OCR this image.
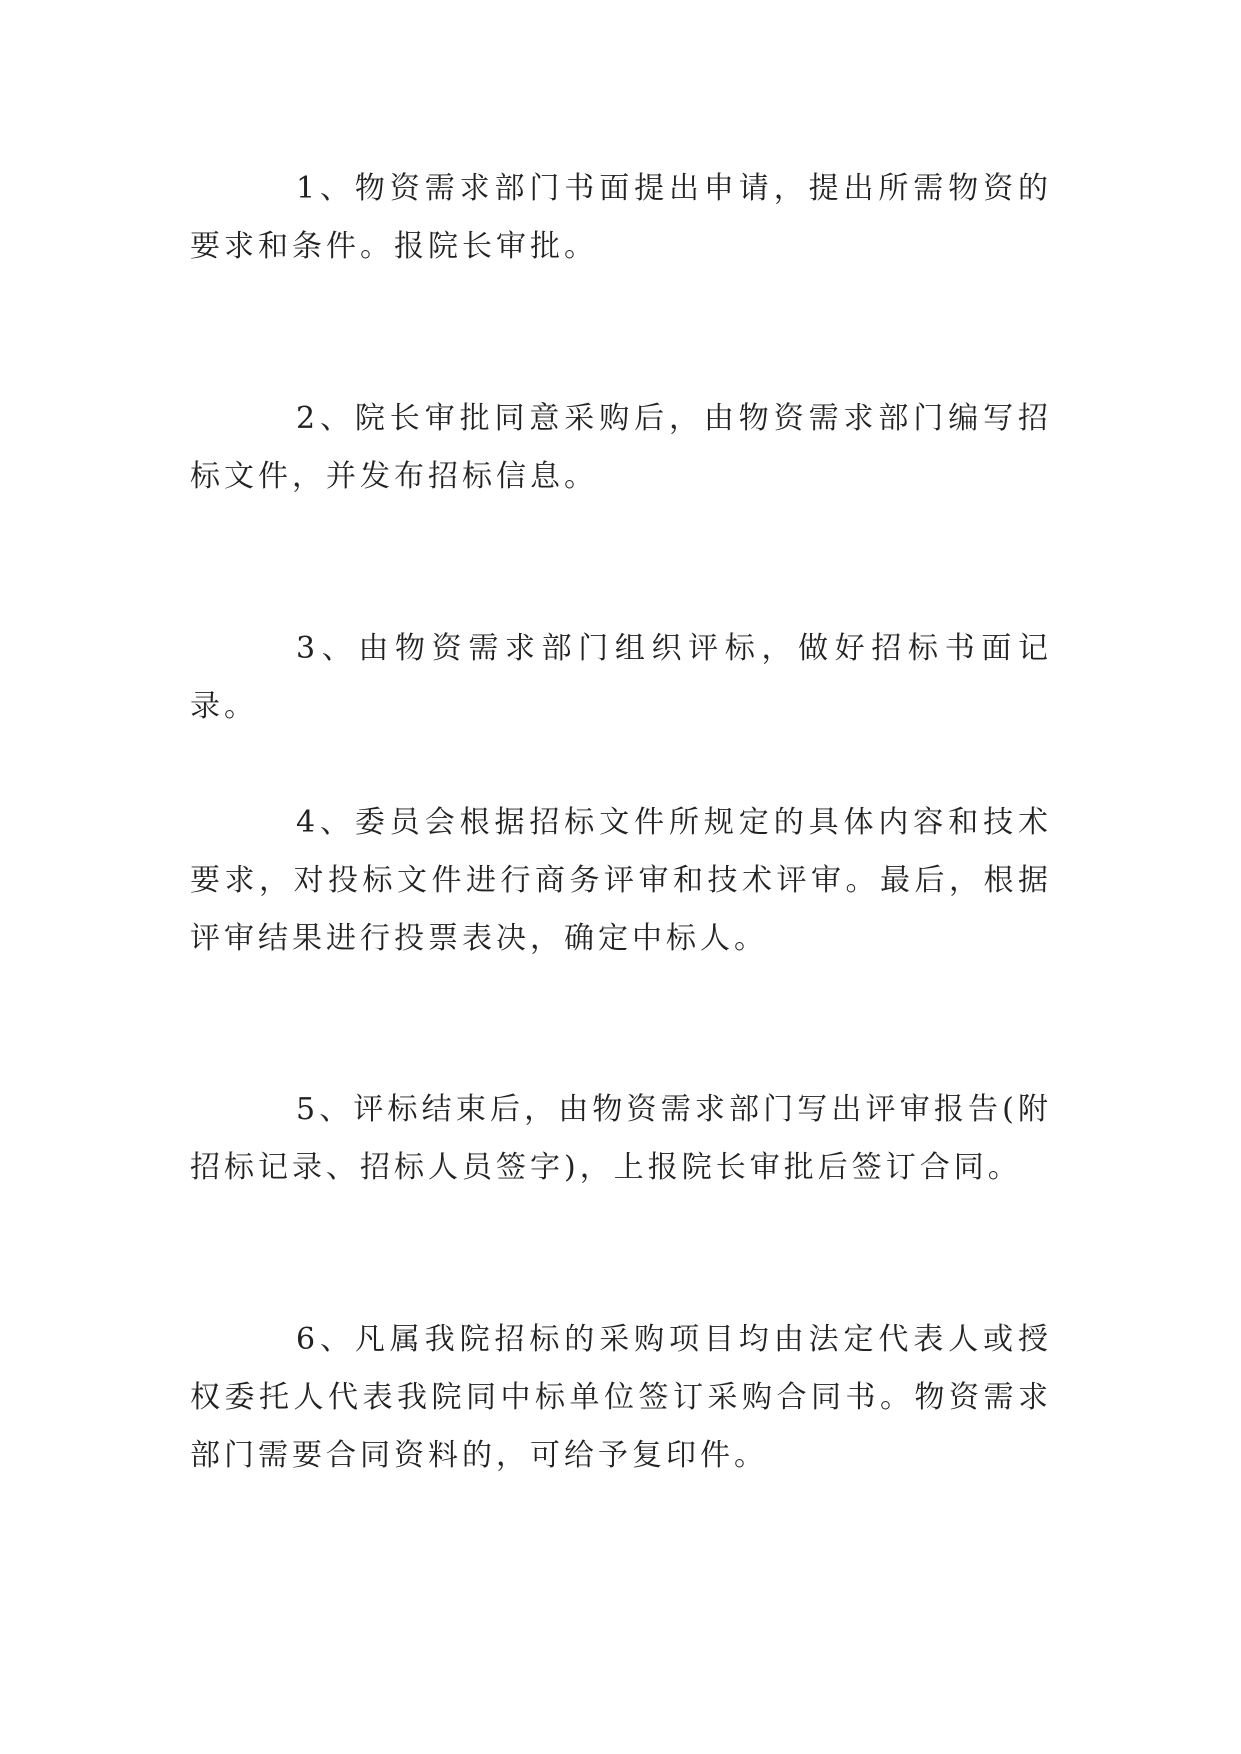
1、物资需求部门书面提出申请，提出所需物资的要求和条件。报院长审批。

2、院长审批同意采购后，由物资需求部门编写招标文件，并发布招标信息。

3、由物资需求部门组织评标，做好招标书面记录。

4、委员会根据招标文件所规定的具体内容和技术要求，对投标文件进行商务评审和技术评审。最后，根据评审结果进行投票表决，确定中标人。

5、评标结束后，由物资需求部门写出评审报告(附招标记录、招标人员签字)，上报院长审批后签订合同。

6、凡属我院招标的采购项目均由法定代表人或授权委托人代表我院同中标单位签订采购合同书。物资需求部门需要合同资料的，可给予复印件。
